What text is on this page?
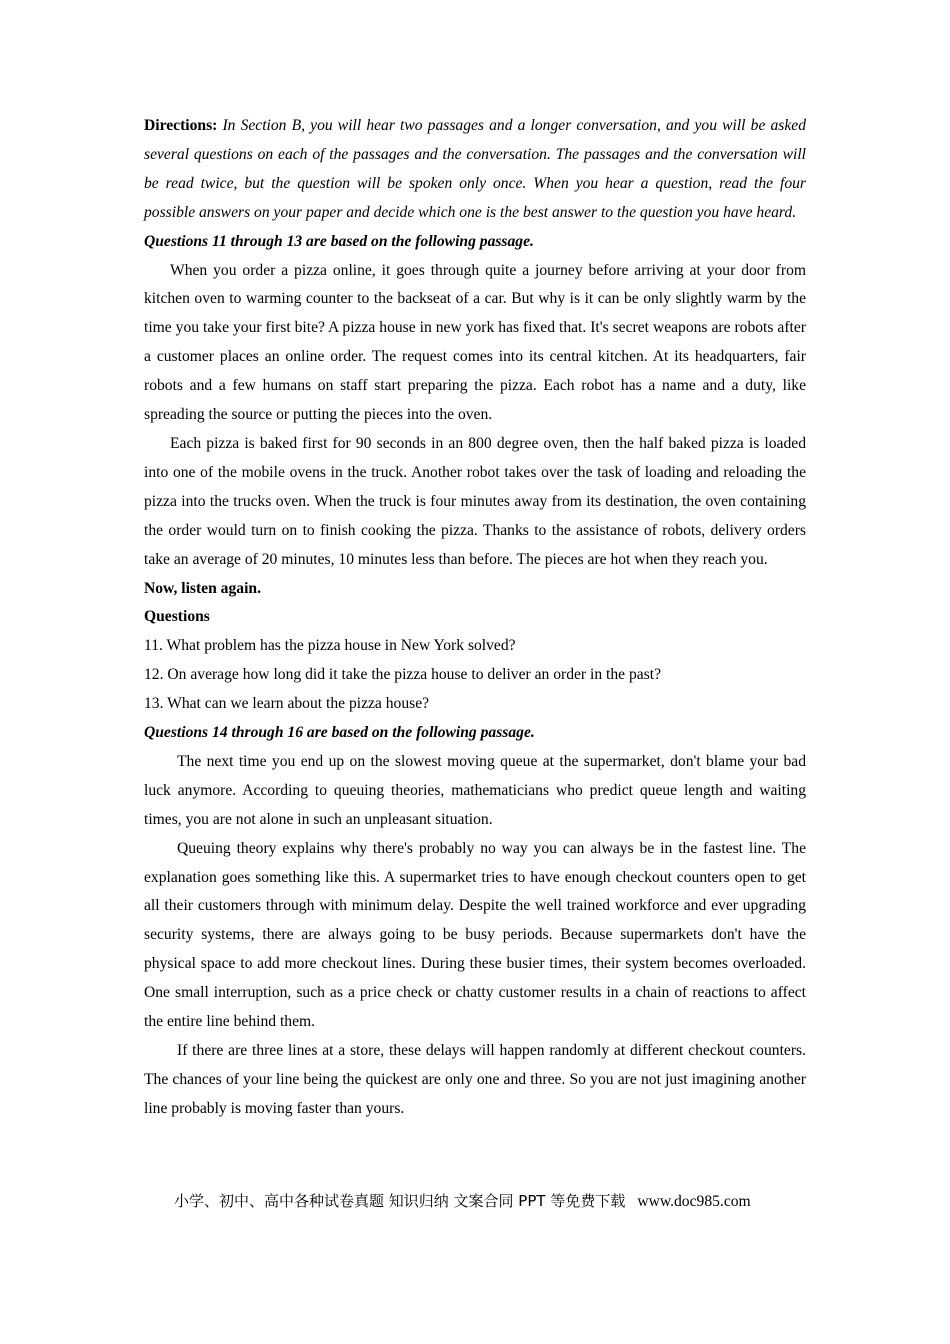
Directions: In Section B, you will hear two passages and a longer conversation, and you will be asked several questions on each of the passages and the conversation. The passages and the conversation will be read twice, but the question will be spoken only once. When you hear a question, read the four possible answers on your paper and decide which one is the best answer to the question you have heard.

Questions 11 through 13 are based on the following passage.

When you order a pizza online, it goes through quite a journey before arriving at your door from kitchen oven to warming counter to the backseat of a car. But why is it can be only slightly warm by the time you take your first bite? A pizza house in new york has fixed that. It's secret weapons are robots after a customer places an online order. The request comes into its central kitchen. At its headquarters, fair robots and a few humans on staff start preparing the pizza. Each robot has a name and a duty, like spreading the source or putting the pieces into the oven.

Each pizza is baked first for 90 seconds in an 800 degree oven, then the half baked pizza is loaded into one of the mobile ovens in the truck. Another robot takes over the task of loading and reloading the pizza into the trucks oven. When the truck is four minutes away from its destination, the oven containing the order would turn on to finish cooking the pizza. Thanks to the assistance of robots, delivery orders take an average of 20 minutes, 10 minutes less than before. The pieces are hot when they reach you.

Now, listen again.

Questions

11. What problem has the pizza house in New York solved?

12. On average how long did it take the pizza house to deliver an order in the past?

13. What can we learn about the pizza house?

Questions 14 through 16 are based on the following passage.

The next time you end up on the slowest moving queue at the supermarket, don't blame your bad luck anymore. According to queuing theories, mathematicians who predict queue length and waiting times, you are not alone in such an unpleasant situation.

Queuing theory explains why there's probably no way you can always be in the fastest line. The explanation goes something like this. A supermarket tries to have enough checkout counters open to get all their customers through with minimum delay. Despite the well trained workforce and ever upgrading security systems, there are always going to be busy periods. Because supermarkets don't have the physical space to add more checkout lines. During these busier times, their system becomes overloaded. One small interruption, such as a price check or chatty customer results in a chain of reactions to affect the entire line behind them.

If there are three lines at a store, these delays will happen randomly at different checkout counters. The chances of your line being the quickest are only one and three. So you are not just imagining another line probably is moving faster than yours.

小学、初中、高中各种试卷真题 知识归纳 文案合同 PPT 等免费下载 www.doc985.com
